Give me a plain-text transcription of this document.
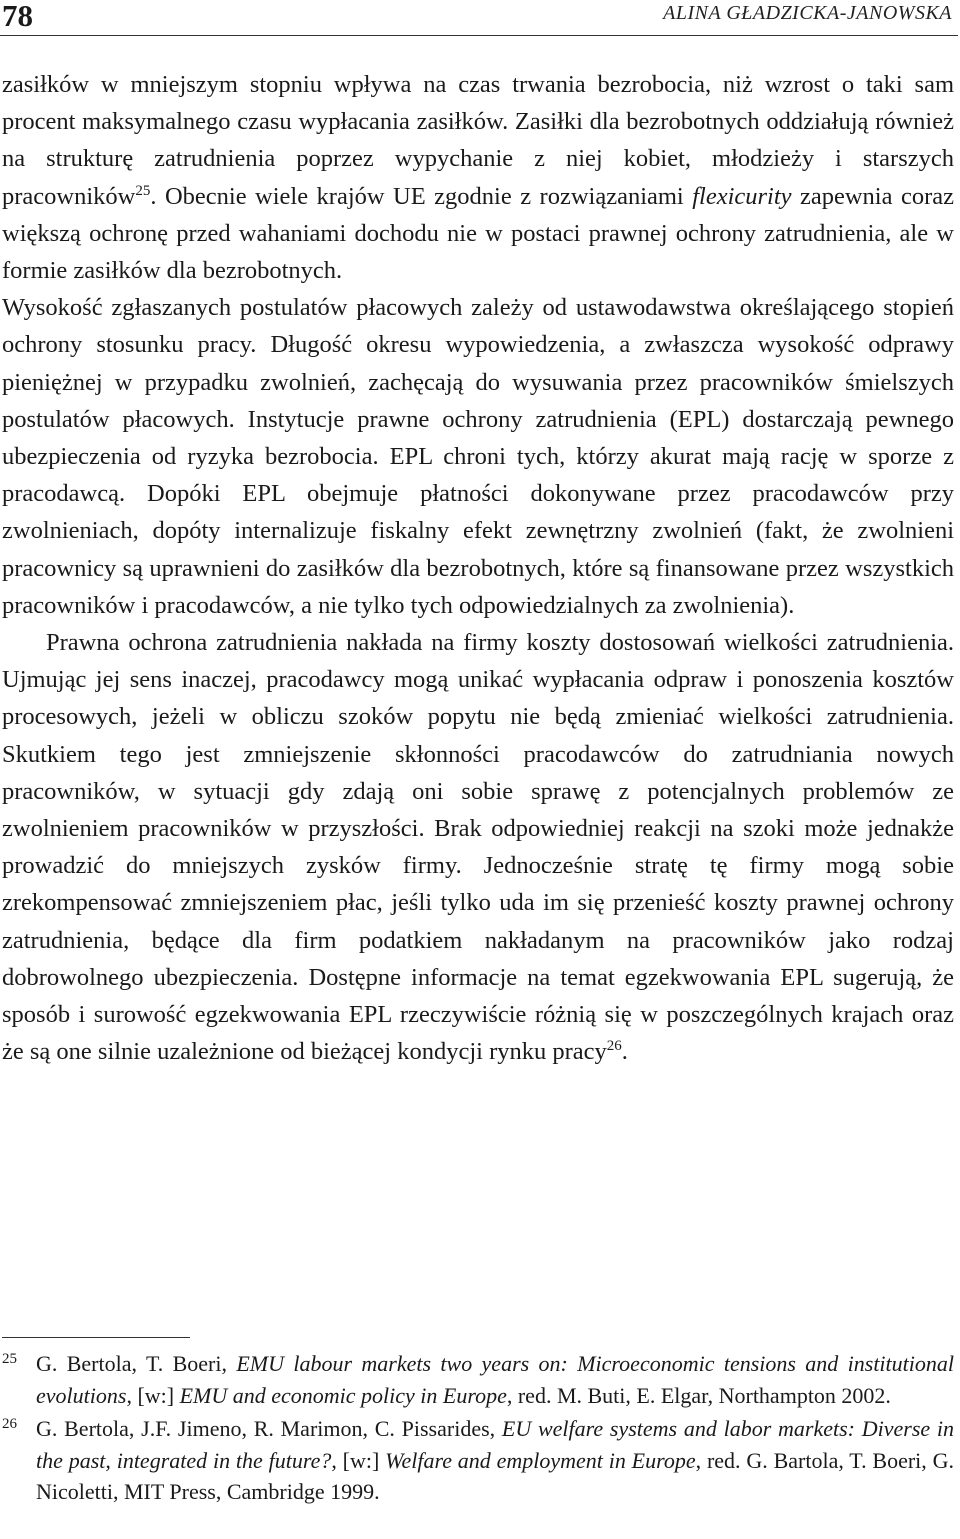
78	ALINA GŁADZICKA-JANOWSKA

zasiłków w mniejszym stopniu wpływa na czas trwania bezrobocia, niż wzrost o taki sam procent maksymalnego czasu wypłacania zasiłków. Zasiłki dla bezrobotnych oddziałują również na strukturę zatrudnienia poprzez wypychanie z niej kobiet, młodzieży i starszych pracowników$^{25}$. Obecnie wiele krajów UE zgodnie z rozwiązaniami flexicurity zapewnia coraz większą ochronę przed wahaniami dochodu nie w postaci prawnej ochrony zatrudnienia, ale w formie zasiłków dla bezrobotnych.

Wysokość zgłaszanych postulatów płacowych zależy od ustawodawstwa określającego stopień ochrony stosunku pracy. Długość okresu wypowiedzenia, a zwłaszcza wysokość odprawy pieniężnej w przypadku zwolnień, zachęcają do wysuwania przez pracowników śmielszych postulatów płacowych. Instytucje prawne ochrony zatrudnienia (EPL) dostarczają pewnego ubezpieczenia od ryzyka bezrobocia. EPL chroni tych, którzy akurat mają rację w sporze z pracodawcą. Dopóki EPL obejmuje płatności dokonywane przez pracodawców przy zwolnieniach, dopóty internalizuje fiskalny efekt zewnętrzny zwolnień (fakt, że zwolnieni pracownicy są uprawnieni do zasiłków dla bezrobotnych, które są finansowane przez wszystkich pracowników i pracodawców, a nie tylko tych odpowiedzialnych za zwolnienia).

Prawna ochrona zatrudnienia nakłada na firmy koszty dostosowań wielkości zatrudnienia. Ujmując jej sens inaczej, pracodawcy mogą unikać wypłacania odpraw i ponoszenia kosztów procesowych, jeżeli w obliczu szoków popytu nie będą zmieniać wielkości zatrudnienia. Skutkiem tego jest zmniejszenie skłonności pracodawców do zatrudniania nowych pracowników, w sytuacji gdy zdają oni sobie sprawę z potencjalnych problemów ze zwolnieniem pracowników w przyszłości. Brak odpowiedniej reakcji na szoki może jednakże prowadzić do mniejszych zysków firmy. Jednocześnie stratę tę firmy mogą sobie zrekompensować zmniejszeniem płac, jeśli tylko uda im się przenieść koszty prawnej ochrony zatrudnienia, będące dla firm podatkiem nakładanym na pracowników jako rodzaj dobrowolnego ubezpieczenia. Dostępne informacje na temat egzekwowania EPL sugerują, że sposób i surowość egzekwowania EPL rzeczywiście różnią się w poszczególnych krajach oraz że są one silnie uzależnione od bieżącej kondycji rynku pracy$^{26}$.

25 G. Bertola, T. Boeri, EMU labour markets two years on: Microeconomic tensions and institutional evolutions, [w:] EMU and economic policy in Europe, red. M. Buti, E. Elgar, Northampton 2002.
26 G. Bertola, J.F. Jimeno, R. Marimon, C. Pissarides, EU welfare systems and labor markets: Diverse in the past, integrated in the future?, [w:] Welfare and employment in Europe, red. G. Bartola, T. Boeri, G. Nicoletti, MIT Press, Cambridge 1999.
